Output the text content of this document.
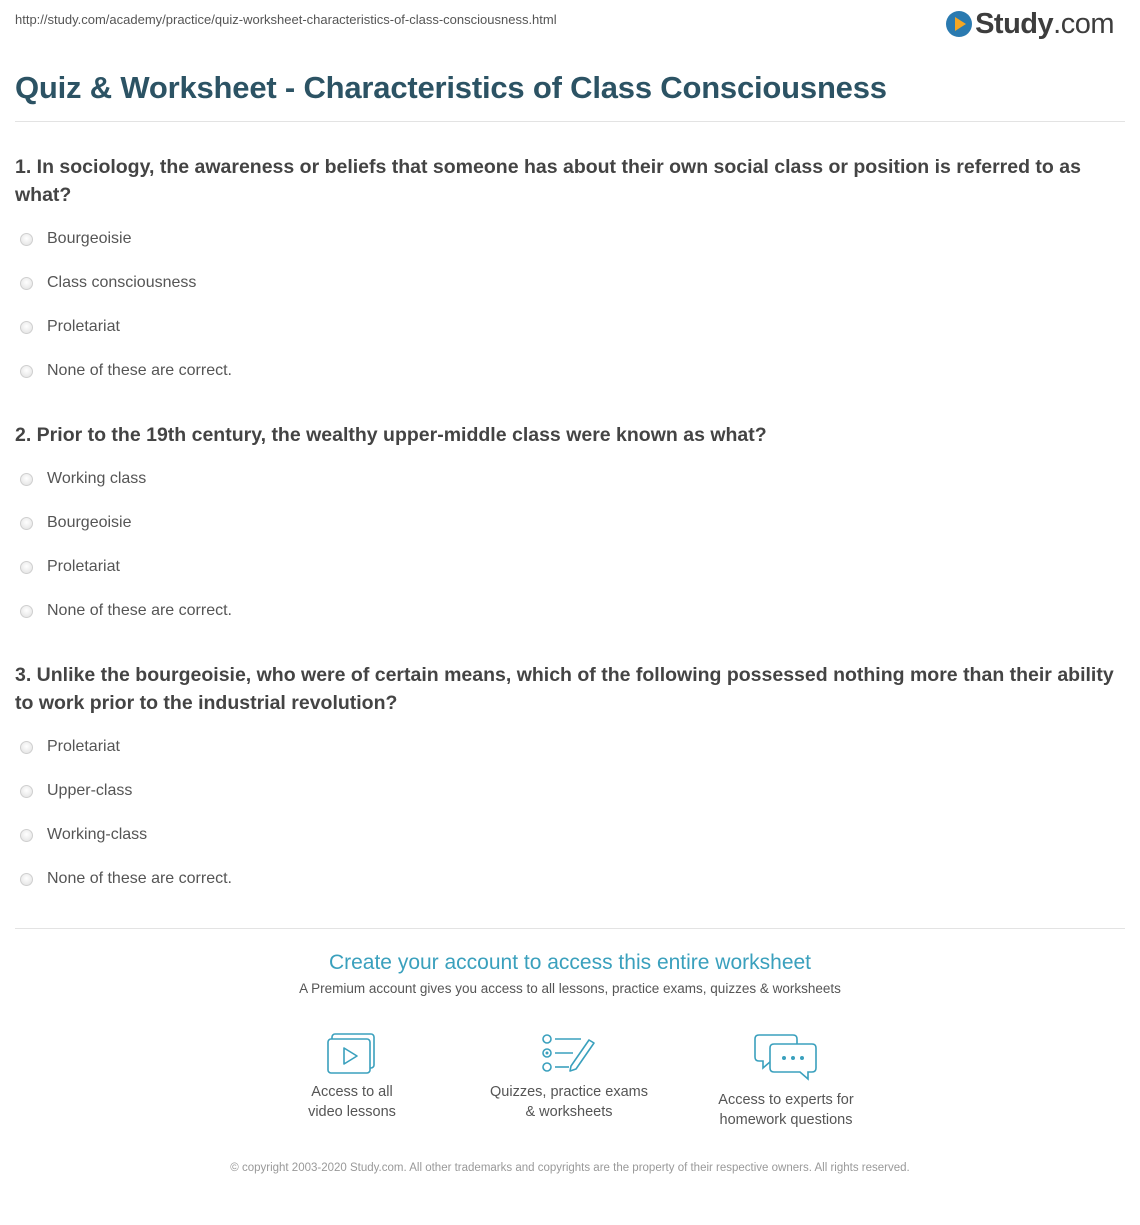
http://study.com/academy/practice/quiz-worksheet-characteristics-of-class-consciousness.html	Study.com
Quiz & Worksheet - Characteristics of Class Consciousness
1. In sociology, the awareness or beliefs that someone has about their own social class or position is referred to as what?
Bourgeoisie
Class consciousness
Proletariat
None of these are correct.
2. Prior to the 19th century, the wealthy upper-middle class were known as what?
Working class
Bourgeoisie
Proletariat
None of these are correct.
3. Unlike the bourgeoisie, who were of certain means, which of the following possessed nothing more than their ability to work prior to the industrial revolution?
Proletariat
Upper-class
Working-class
None of these are correct.
Create your account to access this entire worksheet
A Premium account gives you access to all lessons, practice exams, quizzes & worksheets
Access to all
video lessons
Quizzes, practice exams
& worksheets
Access to experts for
homework questions
© copyright 2003-2020 Study.com. All other trademarks and copyrights are the property of their respective owners. All rights reserved.
